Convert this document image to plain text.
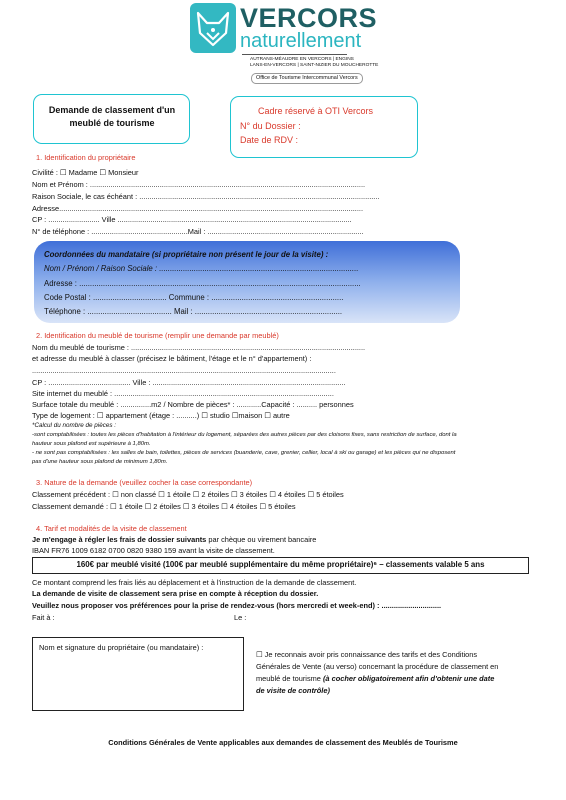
VERCORS
naturellement
AUTRANS-MÉAUDRE EN VERCORS | ENGINS
LANS-EN-VERCORS | SAINT-NIZIER DU MOUCHEROTTE
Office de Tourisme Intercommunal Vercors
Demande de classement d'un
meublé de tourisme
Cadre réservé à OTI Vercors
N° du Dossier :
Date de RDV :
1. Identification du propriétaire
Civilité : ☐ Madame ☐ Monsieur
Nom et Prénom : ......................................................................................................................................
Raison Sociale, le cas échéant : .....................................................................................................................
Adresse....................................................................................................................................................
CP : ......................... Ville ..................................................................................................................
N° de téléphone : ...............................................Mail : ............................................................................
Coordonnées du mandataire (si propriétaire non présent le jour de la visite) :
Nom / Prénom / Raison Sociale : ............................................................................................
Adresse : ..................................................................................................................................
Code Postal : .................................. Commune : .............................................................
Téléphone : ....................................... Mail : ....................................................................
2. Identification du meublé de tourisme (remplir une demande par meublé)
Nom du meublé de tourisme : ..................................................................................................................
et adresse du meublé à classer (précisez le bâtiment, l'étage et le n° d'appartement) :
....................................................................................................................................................
CP : ........................................ Ville : ..............................................................................................
Site internet du meublé : ...........................................................................................................
Surface totale du meublé : ...............m2 / Nombre de pièces* : ............Capacité : .......... personnes
Type de logement : ☐ appartement (étage : ..........) ☐ studio ☐maison ☐ autre
*Calcul du nombre de pièces :
-sont comptabilisées : toutes les pièces d'habitation à l'intérieur du logement, séparées des autres pièces par des cloisons fixes, sans restriction de surface, dont la
hauteur sous plafond est supérieure à 1,80m.
- ne sont pas comptabilisées : les salles de bain, toilettes, pièces de services (buanderie, cave, grenier, cellier, local à ski ou garage) et les pièces qui ne disposent
pas d'une hauteur sous plafond de minimum 1,80m.
3. Nature de la demande (veuillez cocher la case correspondante)
Classement précédent : ☐ non classé ☐ 1 étoile ☐ 2 étoiles ☐ 3 étoiles ☐ 4 étoiles ☐ 5 étoiles
Classement demandé : ☐ 1 étoile ☐ 2 étoiles ☐ 3 étoiles ☐ 4 étoiles ☐ 5 étoiles
4. Tarif et modalités de la visite de classement
Je m'engage à régler les frais de dossier suivants par chèque ou virement bancaire
IBAN FR76 1009 6182 0700 0820 9380 159 avant la visite de classement.
160€ par meublé visité (100€ par meublé supplémentaire du même propriétaire)⁶ – classements valable 5 ans
Ce montant comprend les frais liés au déplacement et à l'instruction de la demande de classement.
La demande de visite de classement sera prise en compte à réception du dossier.
Veuillez nous proposer vos préférences pour la prise de rendez-vous (hors mercredi et week-end) : .............................
Fait à :	Le :
Nom et signature du propriétaire (ou mandataire) :
☐ Je reconnais avoir pris connaissance des tarifs et des Conditions
Générales de Vente (au verso) concernant la procédure de classement en
meublé de tourisme (à cocher obligatoirement afin d'obtenir une date
de visite de contrôle)
Conditions Générales de Vente applicables aux demandes de classement des Meublés de Tourisme
